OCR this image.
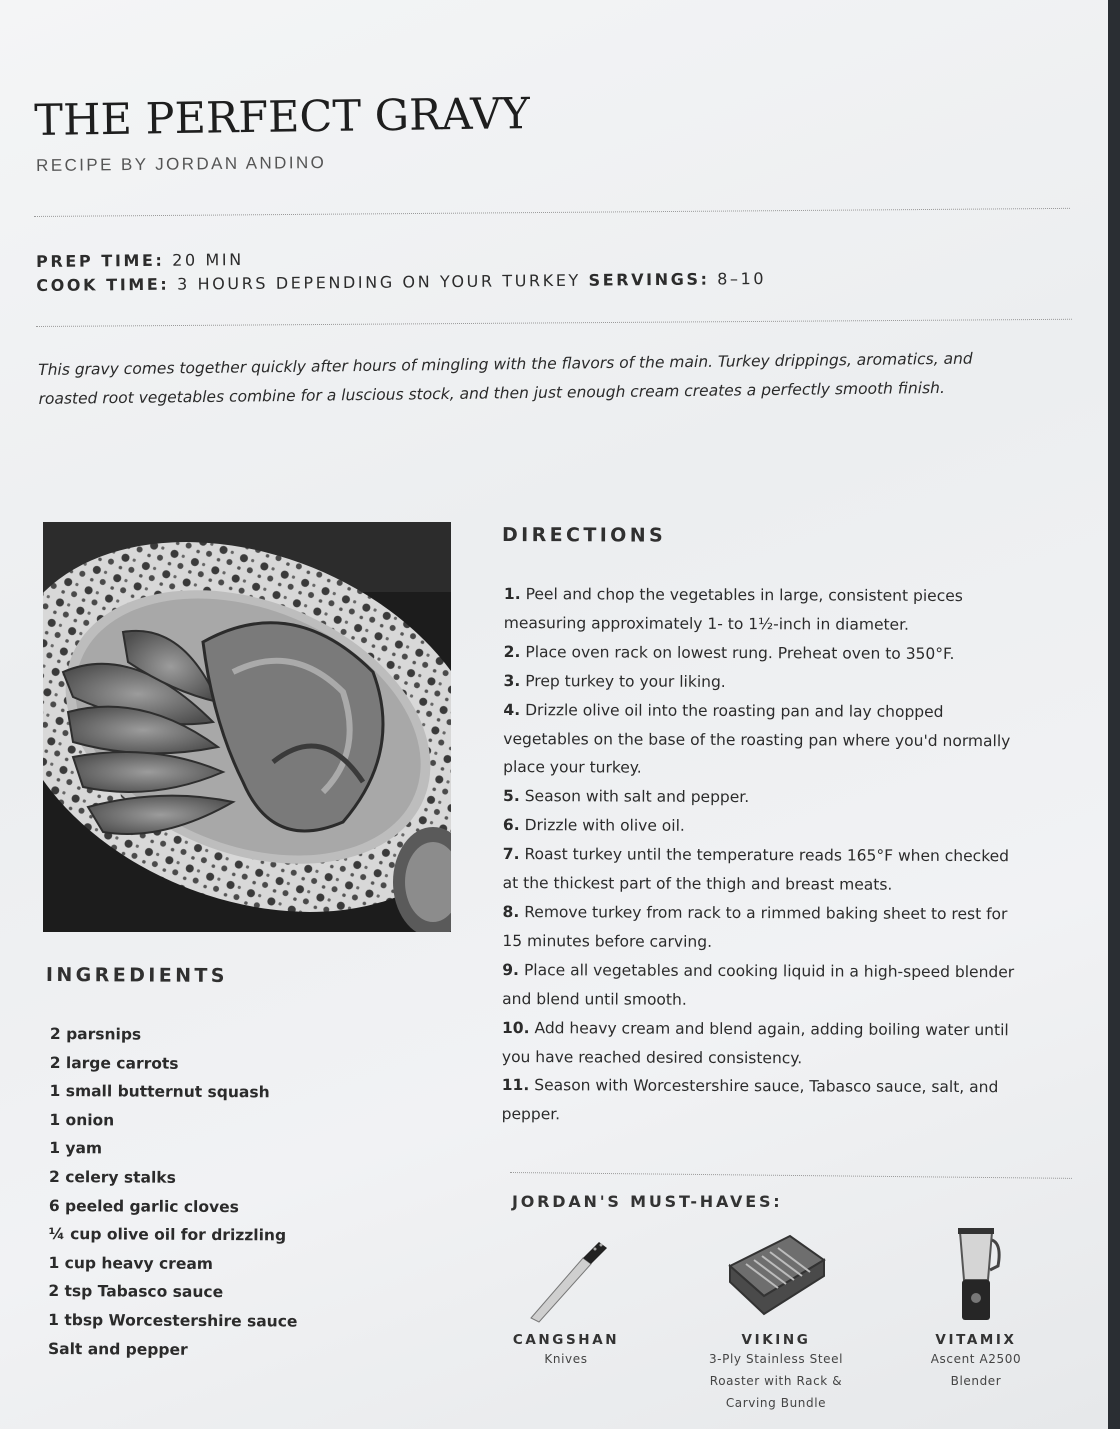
THE PERFECT GRAVY
RECIPE BY JORDAN ANDINO
PREP TIME: 20 MIN
COOK TIME: 3 HOURS DEPENDING ON YOUR TURKEY SERVINGS: 8–10
This gravy comes together quickly after hours of mingling with the flavors of the main. Turkey drippings, aromatics, and
roasted root vegetables combine for a luscious stock, and then just enough cream creates a perfectly smooth finish.
INGREDIENTS
2 parsnips
2 large carrots
1 small butternut squash
1 onion
1 yam
2 celery stalks
6 peeled garlic cloves
¼ cup olive oil for drizzling
1 cup heavy cream
2 tsp Tabasco sauce
1 tbsp Worcestershire sauce
Salt and pepper
DIRECTIONS
1. Peel and chop the vegetables in large, consistent pieces
measuring approximately 1- to 1½-inch in diameter.
2. Place oven rack on lowest rung. Preheat oven to 350°F.
3. Prep turkey to your liking.
4. Drizzle olive oil into the roasting pan and lay chopped
vegetables on the base of the roasting pan where you'd normally
place your turkey.
5. Season with salt and pepper.
6. Drizzle with olive oil.
7. Roast turkey until the temperature reads 165°F when checked
at the thickest part of the thigh and breast meats.
8. Remove turkey from rack to a rimmed baking sheet to rest for
15 minutes before carving.
9. Place all vegetables and cooking liquid in a high-speed blender
and blend until smooth.
10. Add heavy cream and blend again, adding boiling water until
you have reached desired consistency.
11. Season with Worcestershire sauce, Tabasco sauce, salt, and
pepper.
JORDAN'S MUST-HAVES:
CANGSHAN
Knives
VIKING
3-Ply Stainless Steel
Roaster with Rack &
Carving Bundle
VITAMIX
Ascent A2500
Blender
